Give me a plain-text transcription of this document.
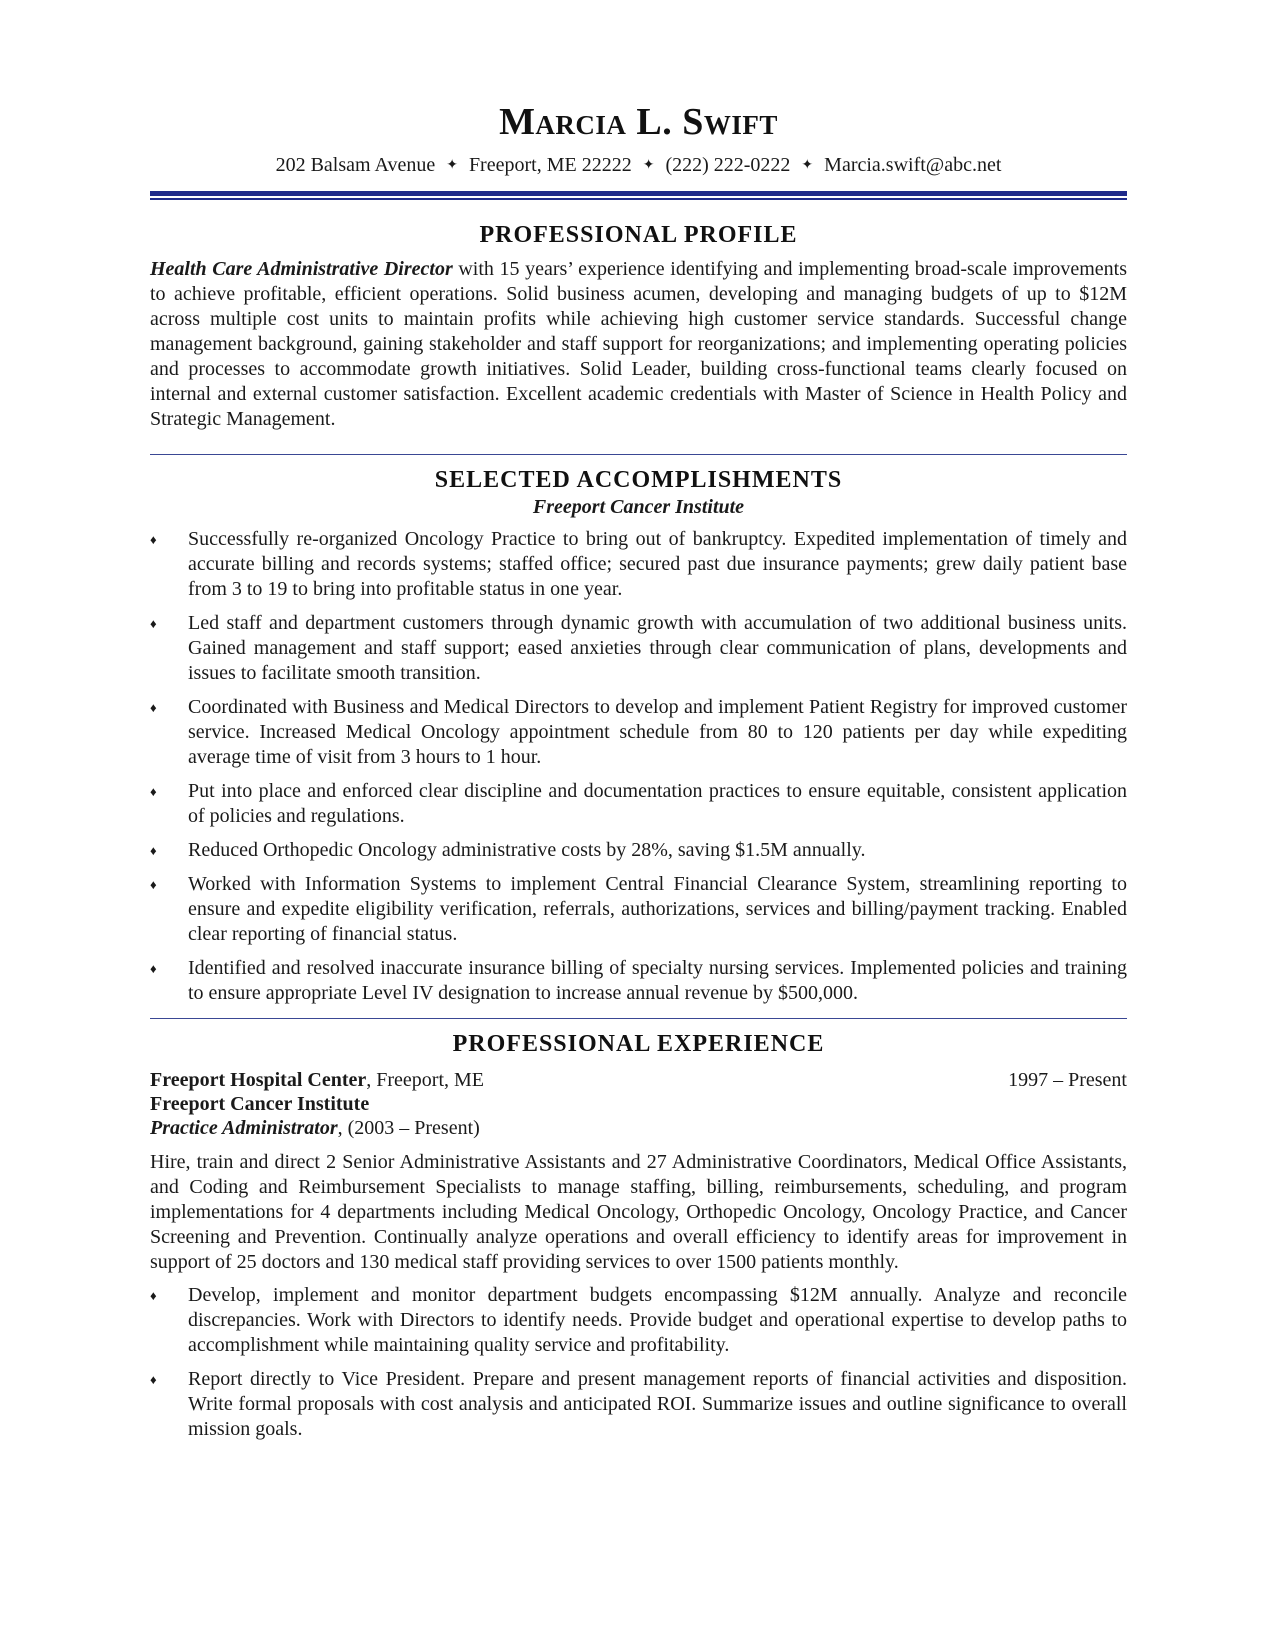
Marcia L. Swift
202 Balsam Avenue ✦ Freeport, ME 22222 ✦ (222) 222-0222 ✦ Marcia.swift@abc.net
PROFESSIONAL PROFILE

Health Care Administrative Director with 15 years’ experience identifying and implementing broad-scale improvements to achieve profitable, efficient operations. Solid business acumen, developing and managing budgets of up to $12M across multiple cost units to maintain profits while achieving high customer service standards. Successful change management background, gaining stakeholder and staff support for reorganizations; and implementing operating policies and processes to accommodate growth initiatives. Solid Leader, building cross-functional teams clearly focused on internal and external customer satisfaction. Excellent academic credentials with Master of Science in Health Policy and Strategic Management.

SELECTED ACCOMPLISHMENTS
Freeport Cancer Institute
♦ Successfully re-organized Oncology Practice to bring out of bankruptcy. Expedited implementation of timely and accurate billing and records systems; staffed office; secured past due insurance payments; grew daily patient base from 3 to 19 to bring into profitable status in one year.
♦ Led staff and department customers through dynamic growth with accumulation of two additional business units. Gained management and staff support; eased anxieties through clear communication of plans, developments and issues to facilitate smooth transition.
♦ Coordinated with Business and Medical Directors to develop and implement Patient Registry for improved customer service. Increased Medical Oncology appointment schedule from 80 to 120 patients per day while expediting average time of visit from 3 hours to 1 hour.
♦ Put into place and enforced clear discipline and documentation practices to ensure equitable, consistent application of policies and regulations.
♦ Reduced Orthopedic Oncology administrative costs by 28%, saving $1.5M annually.
♦ Worked with Information Systems to implement Central Financial Clearance System, streamlining reporting to ensure and expedite eligibility verification, referrals, authorizations, services and billing/payment tracking. Enabled clear reporting of financial status.
♦ Identified and resolved inaccurate insurance billing of specialty nursing services. Implemented policies and training to ensure appropriate Level IV designation to increase annual revenue by $500,000.
PROFESSIONAL EXPERIENCE
Freeport Hospital Center, Freeport, ME	1997 – Present
Freeport Cancer Institute
Practice Administrator, (2003 – Present)

Hire, train and direct 2 Senior Administrative Assistants and 27 Administrative Coordinators, Medical Office Assistants, and Coding and Reimbursement Specialists to manage staffing, billing, reimbursements, scheduling, and program implementations for 4 departments including Medical Oncology, Orthopedic Oncology, Oncology Practice, and Cancer Screening and Prevention. Continually analyze operations and overall efficiency to identify areas for improvement in support of 25 doctors and 130 medical staff providing services to over 1500 patients monthly.

♦ Develop, implement and monitor department budgets encompassing $12M annually. Analyze and reconcile discrepancies. Work with Directors to identify needs. Provide budget and operational expertise to develop paths to accomplishment while maintaining quality service and profitability.
♦ Report directly to Vice President. Prepare and present management reports of financial activities and disposition. Write formal proposals with cost analysis and anticipated ROI. Summarize issues and outline significance to overall mission goals.
